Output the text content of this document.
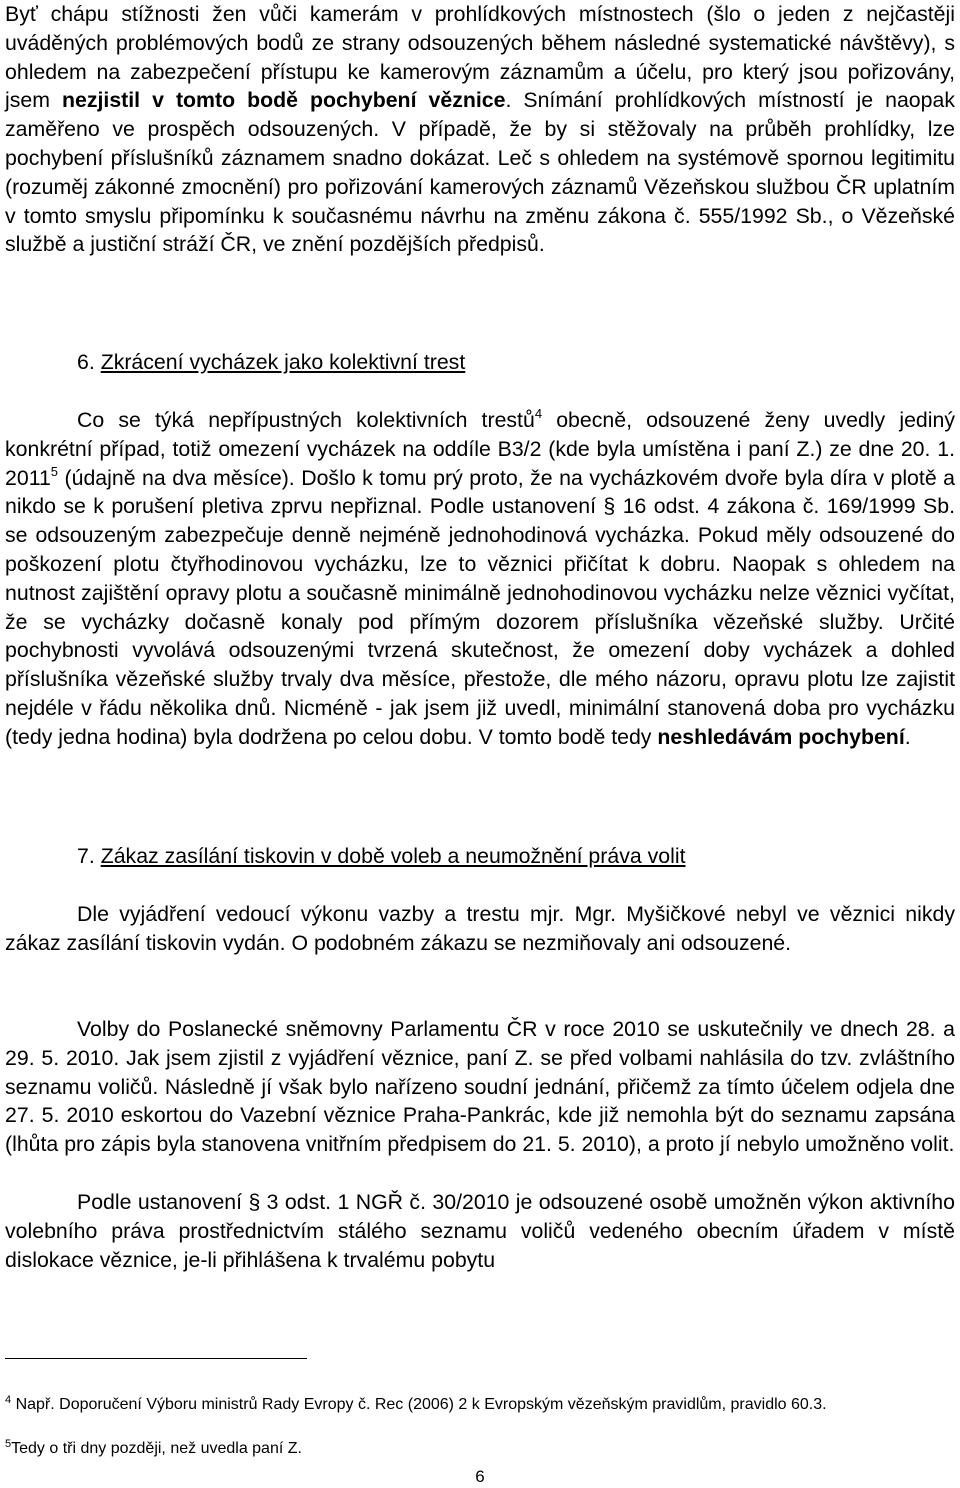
Byť chápu stížnosti žen vůči kamerám v prohlídkových místnostech (šlo o jeden z nejčastěji uváděných problémových bodů ze strany odsouzených během následné systematické návštěvy), s ohledem na zabezpečení přístupu ke kamerovým záznamům a účelu, pro který jsou pořizovány, jsem nezjistil v tomto bodě pochybení věznice. Snímání prohlídkových místností je naopak zaměřeno ve prospěch odsouzených. V případě, že by si stěžovaly na průběh prohlídky, lze pochybení příslušníků záznamem snadno dokázat. Leč s ohledem na systémově spornou legitimitu (rozuměj zákonné zmocnění) pro pořizování kamerových záznamů Vězeňskou službou ČR uplatním v tomto smyslu připomínku k současnému návrhu na změnu zákona č. 555/1992 Sb., o Vězeňské službě a justiční stráží ČR, ve znění pozdějších předpisů.

6. Zkrácení vycházek jako kolektivní trest

Co se týká nepřípustných kolektivních trestů$^4$ obecně, odsouzené ženy uvedly jediný konkrétní případ, totiž omezení vycházek na oddíle B3/2 (kde byla umístěna i paní Z.) ze dne 20. 1. 2011$^5$ (údajně na dva měsíce). Došlo k tomu prý proto, že na vycházkovém dvoře byla díra v plotě a nikdo se k porušení pletiva zprvu nepřiznal. Podle ustanovení § 16 odst. 4 zákona č. 169/1999 Sb. se odsouzeným zabezpečuje denně nejméně jednohodinová vycházka. Pokud měly odsouzené do poškození plotu čtyřhodinovou vycházku, lze to věznici přičítat k dobru. Naopak s ohledem na nutnost zajištění opravy plotu a současně minimálně jednohodinovou vycházku nelze věznici vyčítat, že se vycházky dočasně konaly pod přímým dozorem příslušníka vězeňské služby. Určité pochybnosti vyvolává odsouzenými tvrzená skutečnost, že omezení doby vycházek a dohled příslušníka vězeňské služby trvaly dva měsíce, přestože, dle mého názoru, opravu plotu lze zajistit nejdéle v řádu několika dnů. Nicméně - jak jsem již uvedl, minimální stanovená doba pro vycházku (tedy jedna hodina) byla dodržena po celou dobu. V tomto bodě tedy neshledávám pochybení.

7. Zákaz zasílání tiskovin v době voleb a neumožnění práva volit

Dle vyjádření vedoucí výkonu vazby a trestu mjr. Mgr. Myšičkové nebyl ve věznici nikdy zákaz zasílání tiskovin vydán. O podobném zákazu se nezmiňovaly ani odsouzené.

Volby do Poslanecké sněmovny Parlamentu ČR v roce 2010 se uskutečnily ve dnech 28. a 29. 5. 2010. Jak jsem zjistil z vyjádření věznice, paní Z. se před volbami nahlásila do tzv. zvláštního seznamu voličů. Následně jí však bylo nařízeno soudní jednání, přičemž za tímto účelem odjela dne 27. 5. 2010 eskortou do Vazební věznice Praha-Pankrác, kde již nemohla být do seznamu zapsána (lhůta pro zápis byla stanovena vnitřním předpisem do 21. 5. 2010), a proto jí nebylo umožněno volit.

Podle ustanovení § 3 odst. 1 NGŘ č. 30/2010 je odsouzené osobě umožněn výkon aktivního volebního práva prostřednictvím stálého seznamu voličů vedeného obecním úřadem v místě dislokace věznice, je-li přihlášena k trvalému pobytu

$^4$ Např. Doporučení Výboru ministrů Rady Evropy č. Rec (2006) 2 k Evropským vězeňským pravidlům, pravidlo 60.3.

$^5$Tedy o tři dny později, než uvedla paní Z.

6
